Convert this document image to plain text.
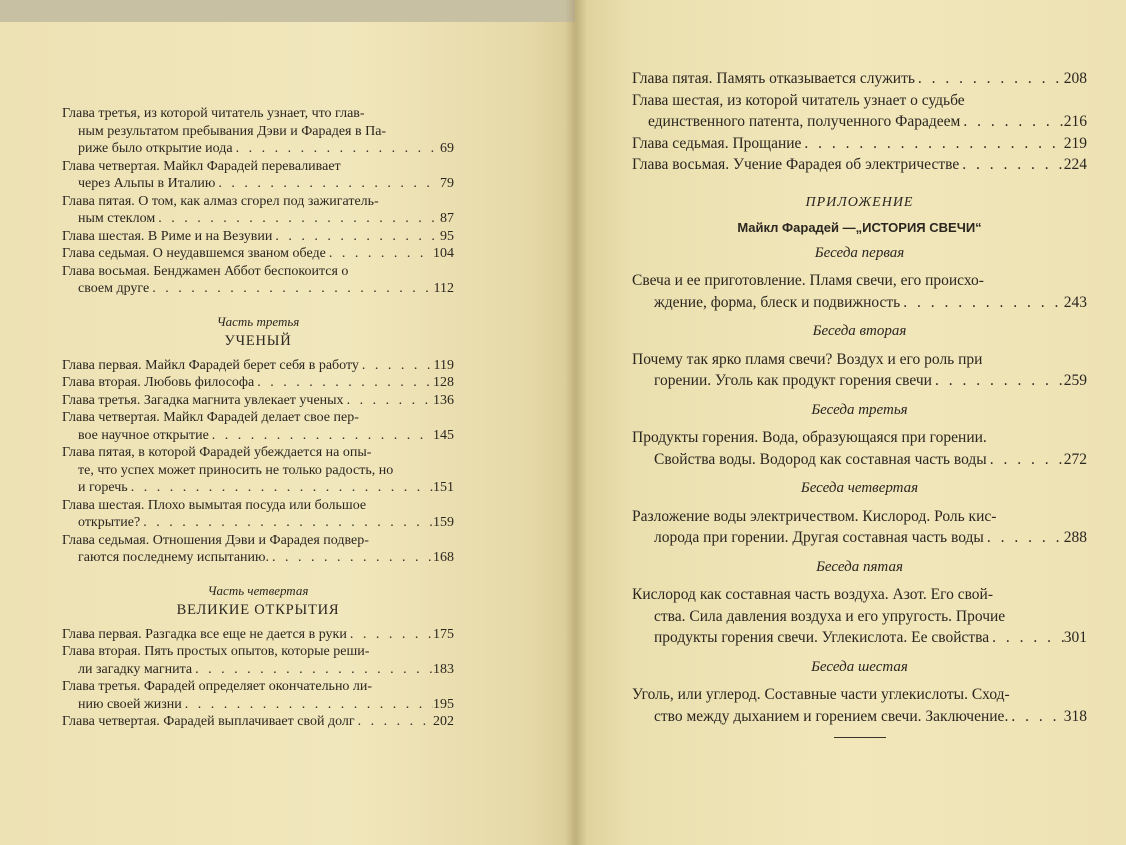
Глава третья, из которой читатель узнает, что глав-
ным результатом пребывания Дэви и Фарадея в Па-
риже было открытие иода . . .	69
Глава четвертая. Майкл Фарадей переваливает
через Альпы в Италию . . .	79
Глава пятая. О том, как алмаз сгорел под зажигатель-
ным стеклом . . .	87
Глава шестая. В Риме и на Везувии . . .	95
Глава седьмая. О неудавшемся званом обеде . . .	104
Глава восьмая. Бенджамен Аббот беспокоится о
своем друге . . .	112
Часть третья
УЧЕНЫЙ
Глава первая. Майкл Фарадей берет себя в работу . . .	119
Глава вторая. Любовь философа . . .	128
Глава третья. Загадка магнита увлекает ученых . . .	136
Глава четвертая. Майкл Фарадей делает свое пер-
вое научное открытие . . .	145
Глава пятая, в которой Фарадей убеждается на опы-
те, что успех может приносить не только радость, но
и горечь . . .	151
Глава шестая. Плохо вымытая посуда или большое
открытие? . . .	159
Глава седьмая. Отношения Дэви и Фарадея подвер-
гаются последнему испытанию. . . .	168
Часть четвертая
ВЕЛИКИЕ ОТКРЫТИЯ
Глава первая. Разгадка все еще не дается в руки . . .	175
Глава вторая. Пять простых опытов, которые реши-
ли загадку магнита . . .	183
Глава третья. Фарадей определяет окончательно ли-
нию своей жизни . . .	195
Глава четвертая. Фарадей выплачивает свой долг . . .	202
Глава пятая. Память отказывается служить . . .	208
Глава шестая, из которой читатель узнает о судьбе
единственного патента, полученного Фарадеем . . .	216
Глава седьмая. Прощание . . .	219
Глава восьмая. Учение Фарадея об электричестве . . .	224
ПРИЛОЖЕНИЕ
Майкл Фарадей —„ИСТОРИЯ СВЕЧИ“
Беседа первая
Свеча и ее приготовление. Пламя свечи, его происхо-
ждение, форма, блеск и подвижность . . .	243
Беседа вторая
Почему так ярко пламя свечи? Воздух и его роль при
горении. Уголь как продукт горения свечи . . .	259
Беседа третья
Продукты горения. Вода, образующаяся при горении.
Свойства воды. Водород как составная часть воды . . .	272
Беседа четвертая
Разложение воды электричеством. Кислород. Роль кис-
лорода при горении. Другая составная часть воды . . .	288
Беседа пятая
Кислород как составная часть воздуха. Азот. Его свой-
ства. Сила давления воздуха и его упругость. Прочие
продукты горения свечи. Углекислота. Ее свойства . . .	301
Беседа шестая
Уголь, или углерод. Составные части углекислоты. Сход-
ство между дыханием и горением свечи. Заключение. . . .	318
